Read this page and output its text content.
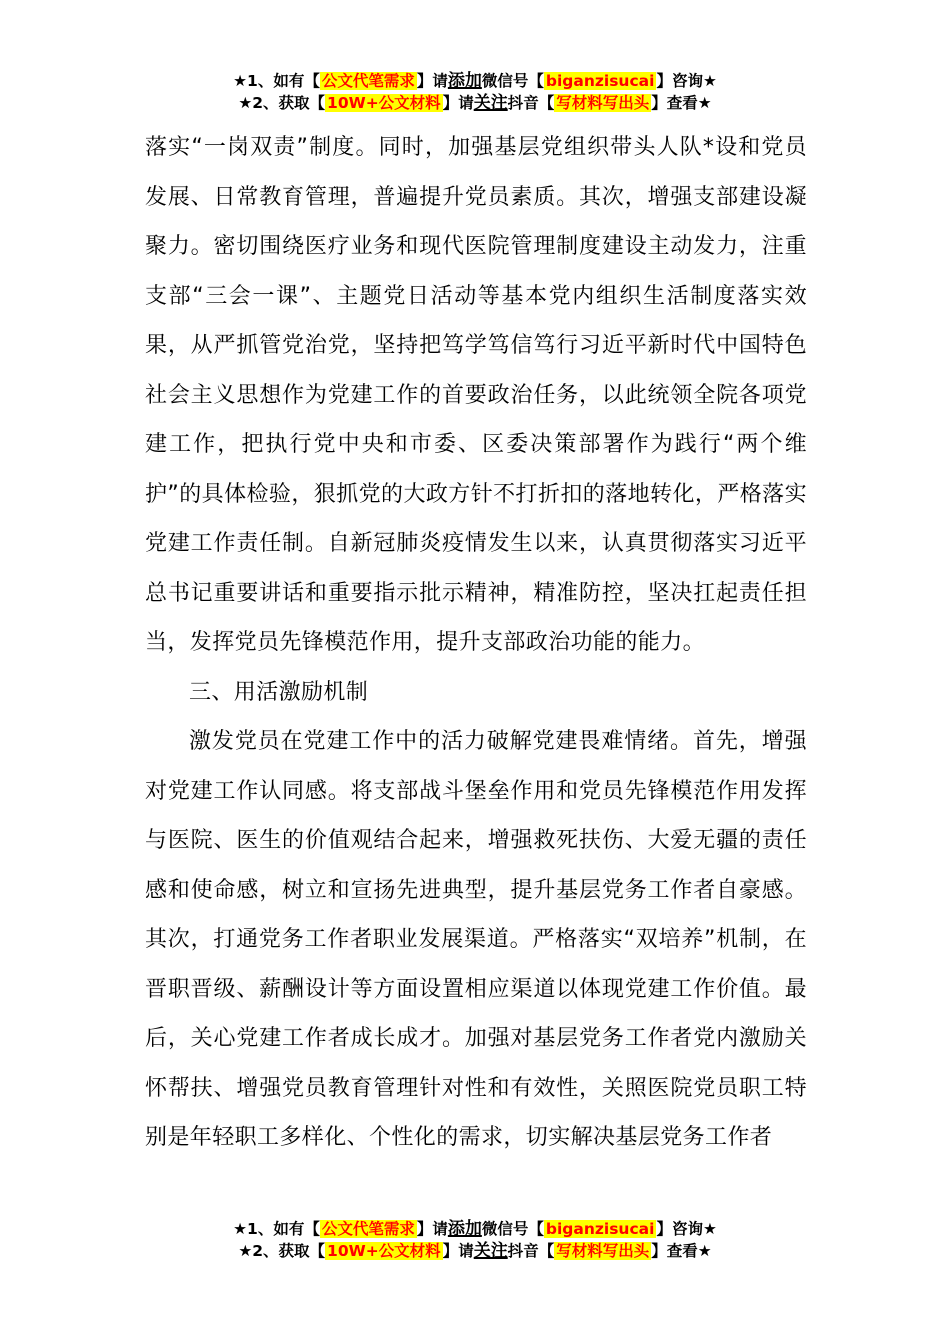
★1、如有【 公文代笔需求 】请添加微信号【 biganzisucai 】咨询★
★2、获取【 10W+公文材料 】请关注抖音【 写材料写出头 】查看★

落实“一岗双责”制度。同时，加强基层党组织带头人队*设和党员发展、日常教育管理，普遍提升党员素质。其次，增强支部建设凝聚力。密切围绕医疗业务和现代医院管理制度建设主动发力，注重支部“三会一课”、主题党日活动等基本党内组织生活制度落实效果，从严抓管党治党，坚持把笃学笃信笃行习近平新时代中国特色社会主义思想作为党建工作的首要政治任务，以此统领全院各项党建工作，把执行党中央和市委、区委决策部署作为践行“两个维护”的具体检验，狠抓党的大政方针不打折扣的落地转化，严格落实党建工作责任制。自新冠肺炎疫情发生以来，认真贯彻落实习近平总书记重要讲话和重要指示批示精神，精准防控，坚决扛起责任担当，发挥党员先锋模范作用，提升支部政治功能的能力。

三、用活激励机制

激发党员在党建工作中的活力破解党建畏难情绪。首先，增强对党建工作认同感。将支部战斗堡垒作用和党员先锋模范作用发挥与医院、医生的价值观结合起来，增强救死扶伤、大爱无疆的责任感和使命感，树立和宣扬先进典型，提升基层党务工作者自豪感。其次，打通党务工作者职业发展渠道。严格落实“双培养”机制，在晋职晋级、薪酬设计等方面设置相应渠道以体现党建工作价值。最后，关心党建工作者成长成才。加强对基层党务工作者党内激励关怀帮扶、增强党员教育管理针对性和有效性，关照医院党员职工特别是年轻职工多样化、个性化的需求，切实解决基层党务工作者

★1、如有【 公文代笔需求 】请添加微信号【 biganzisucai 】咨询★
★2、获取【 10W+公文材料 】请关注抖音【 写材料写出头 】查看★
